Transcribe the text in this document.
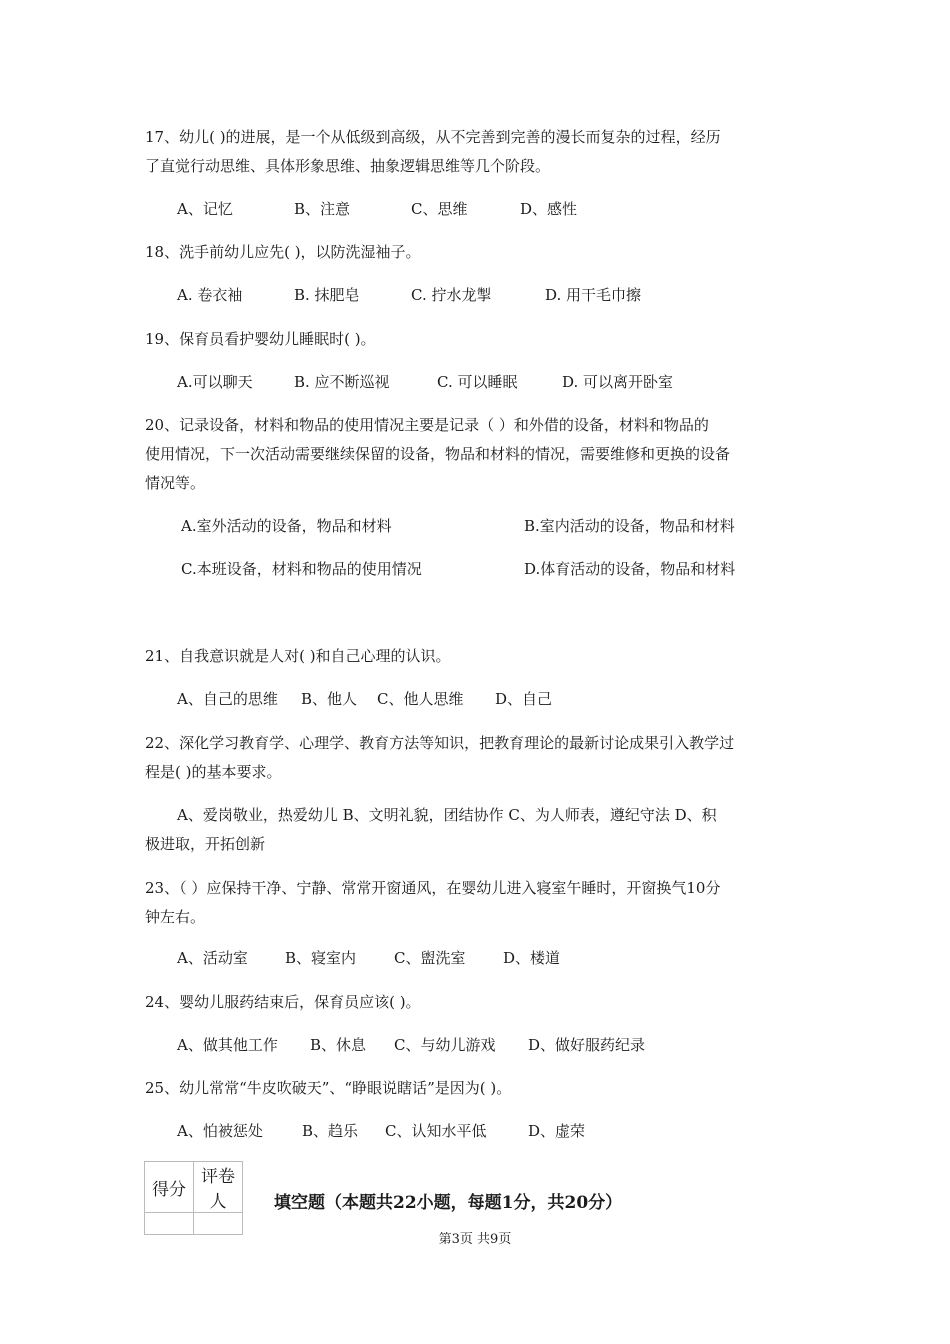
17、幼儿( )的进展，是一个从低级到高级，从不完善到完善的漫长而复杂的过程，经历
了直觉行动思维、具体形象思维、抽象逻辑思维等几个阶段。
A、记忆	B、注意	C、思维	D、感性
18、洗手前幼儿应先( )，以防洗湿袖子。
A. 卷衣袖	B. 抹肥皂	C. 拧水龙掣	D. 用干毛巾擦
19、保育员看护婴幼儿睡眠时( )。
A.可以聊天	B. 应不断巡视	C. 可以睡眠	D. 可以离开卧室
20、记录设备，材料和物品的使用情况主要是记录（ ）和外借的设备，材料和物品的
使用情况，下一次活动需要继续保留的设备，物品和材料的情况，需要维修和更换的设备
情况等。
A.室外活动的设备，物品和材料	B.室内活动的设备，物品和材料
C.本班设备，材料和物品的使用情况	D.体育活动的设备，物品和材料
21、自我意识就是人对( )和自己心理的认识。
A、自己的思维 B、他人 C、他人思维 D、自己
22、深化学习教育学、心理学、教育方法等知识，把教育理论的最新讨论成果引入教学过
程是( )的基本要求。
A、爱岗敬业，热爱幼儿 B、文明礼貌，团结协作 C、为人师表，遵纪守法 D、积
极进取，开拓创新
23、（ ）应保持干净、宁静、常常开窗通风，在婴幼儿进入寝室午睡时，开窗换气10分
钟左右。
A、活动室 B、寝室内	C、盥洗室	D、楼道
24、婴幼儿服药结束后，保育员应该( )。
A、做其他工作 B、休息 C、与幼儿游戏 D、做好服药纪录
25、幼儿常常“牛皮吹破天”、“睁眼说瞎话”是因为( )。
A、怕被惩处	B、趋乐 C、认知水平低	D、虚荣
得分	评卷人
		填空题（本题共22小题，每题1分，共20分）
第3页 共9页
